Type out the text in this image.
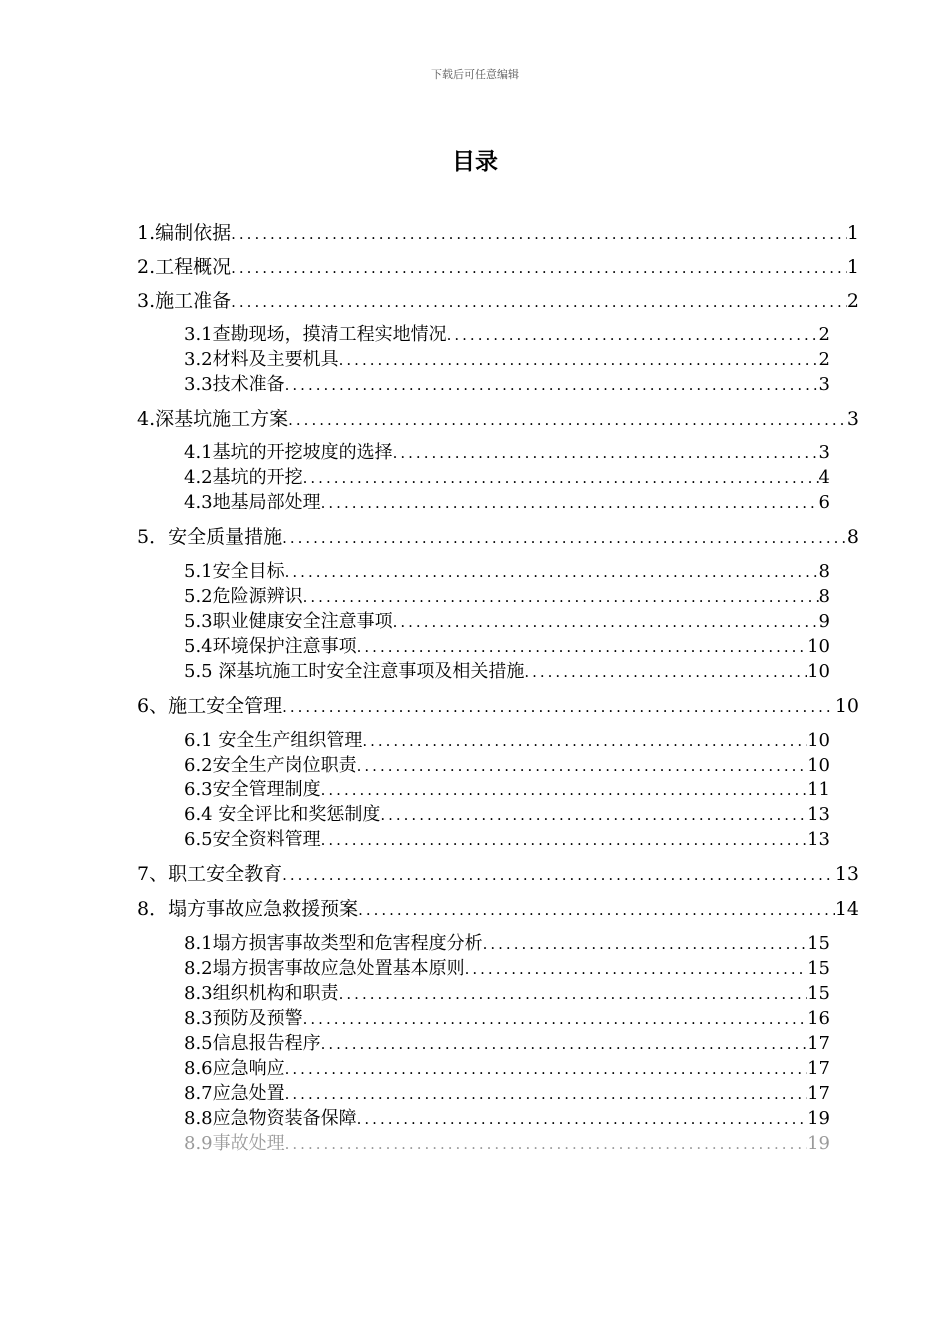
下载后可任意编辑
目录
1.编制依据 .....	1
2.工程概况 .....	1
3.施工准备 .....	2
3.1查勘现场，摸清工程实地情况 .....	2
3.2材料及主要机具 .....	2
3.3技术准备 .....	3
4.深基坑施工方案 .....	3
4.1基坑的开挖坡度的选择 .....	3
4.2基坑的开挖 .....	4
4.3地基局部处理 .....	6
5．安全质量措施 .....	8
5.1安全目标 .....	8
5.2危险源辨识 .....	8
5.3职业健康安全注意事项 .....	9
5.4环境保护注意事项 .....	10
5.5 深基坑施工时安全注意事项及相关措施 .....	10
6、施工安全管理 .....	10
6.1 安全生产组织管理 .....	10
6.2安全生产岗位职责 .....	10
6.3安全管理制度 .....	11
6.4 安全评比和奖惩制度 .....	13
6.5安全资料管理 .....	13
7、职工安全教育 .....	13
8．塌方事故应急救援预案 .....	14
8.1塌方损害事故类型和危害程度分析 .....	15
8.2塌方损害事故应急处置基本原则 .....	15
8.3组织机构和职责 .....	15
8.3预防及预警 .....	16
8.5信息报告程序 .....	17
8.6应急响应 .....	17
8.7应急处置 .....	17
8.8应急物资装备保障 .....	19
8.9事故处理 .....	19
